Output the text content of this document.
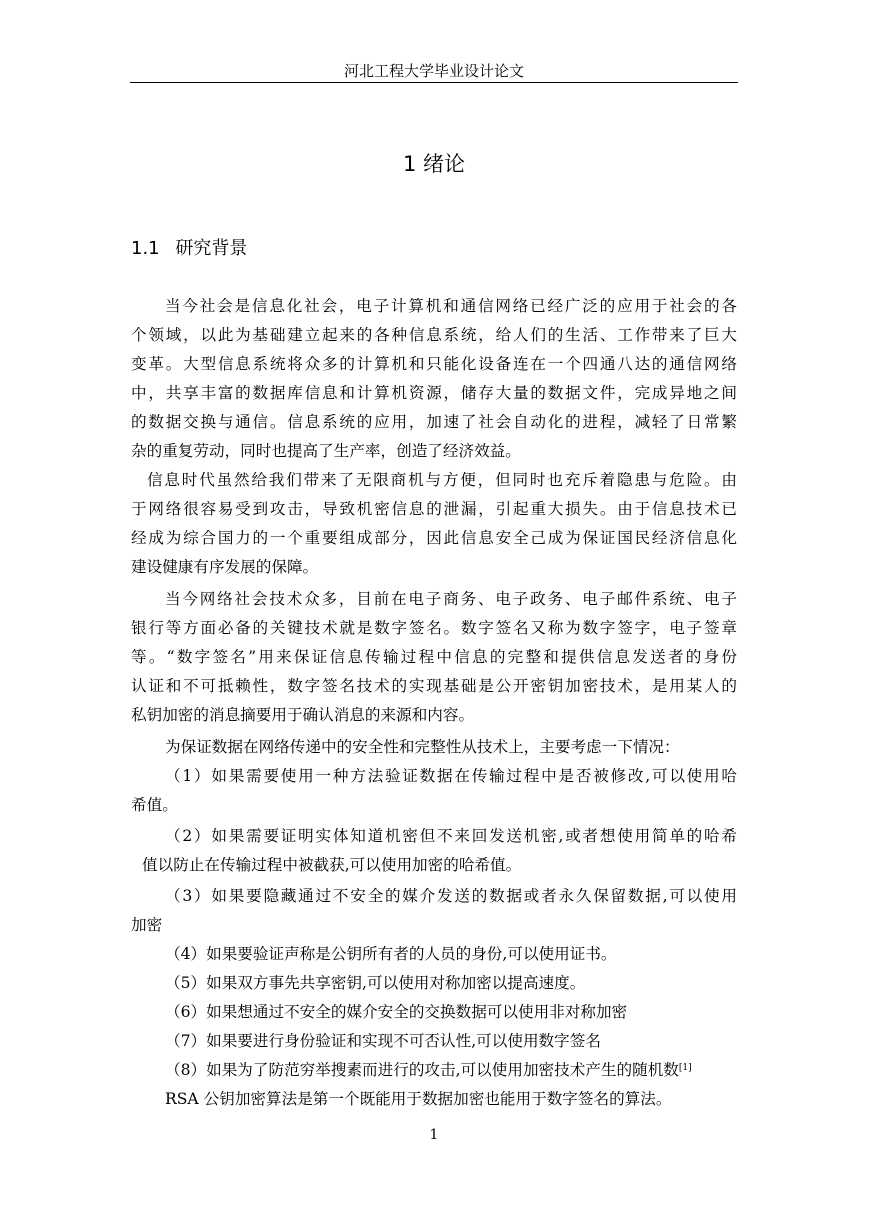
河北工程大学毕业设计论文
1 绪论
1.1 研究背景
当今社会是信息化社会，电子计算机和通信网络已经广泛的应用于社会的各
个领域，以此为基础建立起来的各种信息系统，给人们的生活、工作带来了巨大
变革。大型信息系统将众多的计算机和只能化设备连在一个四通八达的通信网络
中，共享丰富的数据库信息和计算机资源，储存大量的数据文件，完成异地之间
的数据交换与通信。信息系统的应用，加速了社会自动化的进程，减轻了日常繁
杂的重复劳动，同时也提高了生产率，创造了经济效益。
信息时代虽然给我们带来了无限商机与方便，但同时也充斥着隐患与危险。由
于网络很容易受到攻击，导致机密信息的泄漏，引起重大损失。由于信息技术已
经成为综合国力的一个重要组成部分，因此信息安全己成为保证国民经济信息化
建设健康有序发展的保障。
当今网络社会技术众多，目前在电子商务、电子政务、电子邮件系统、电子
银行等方面必备的关键技术就是数字签名。数字签名又称为数字签字，电子签章
等。“数字签名”用来保证信息传输过程中信息的完整和提供信息发送者的身份
认证和不可抵赖性，数字签名技术的实现基础是公开密钥加密技术，是用某人的
私钥加密的消息摘要用于确认消息的来源和内容。
为保证数据在网络传递中的安全性和完整性从技术上，主要考虑一下情况：
（1）如果需要使用一种方法验证数据在传输过程中是否被修改,可以使用哈
希值。
（2）如果需要证明实体知道机密但不来回发送机密,或者想使用简单的哈希
值以防止在传输过程中被截获,可以使用加密的哈希值。
（3）如果要隐藏通过不安全的媒介发送的数据或者永久保留数据,可以使用
加密
（4）如果要验证声称是公钥所有者的人员的身份,可以使用证书。
（5）如果双方事先共享密钥,可以使用对称加密以提高速度。
（6）如果想通过不安全的媒介安全的交换数据可以使用非对称加密
（7）如果要进行身份验证和实现不可否认性,可以使用数字签名
（8）如果为了防范穷举搜素而进行的攻击,可以使用加密技术产生的随机数[1]
RSA 公钥加密算法是第一个既能用于数据加密也能用于数字签名的算法。
1
